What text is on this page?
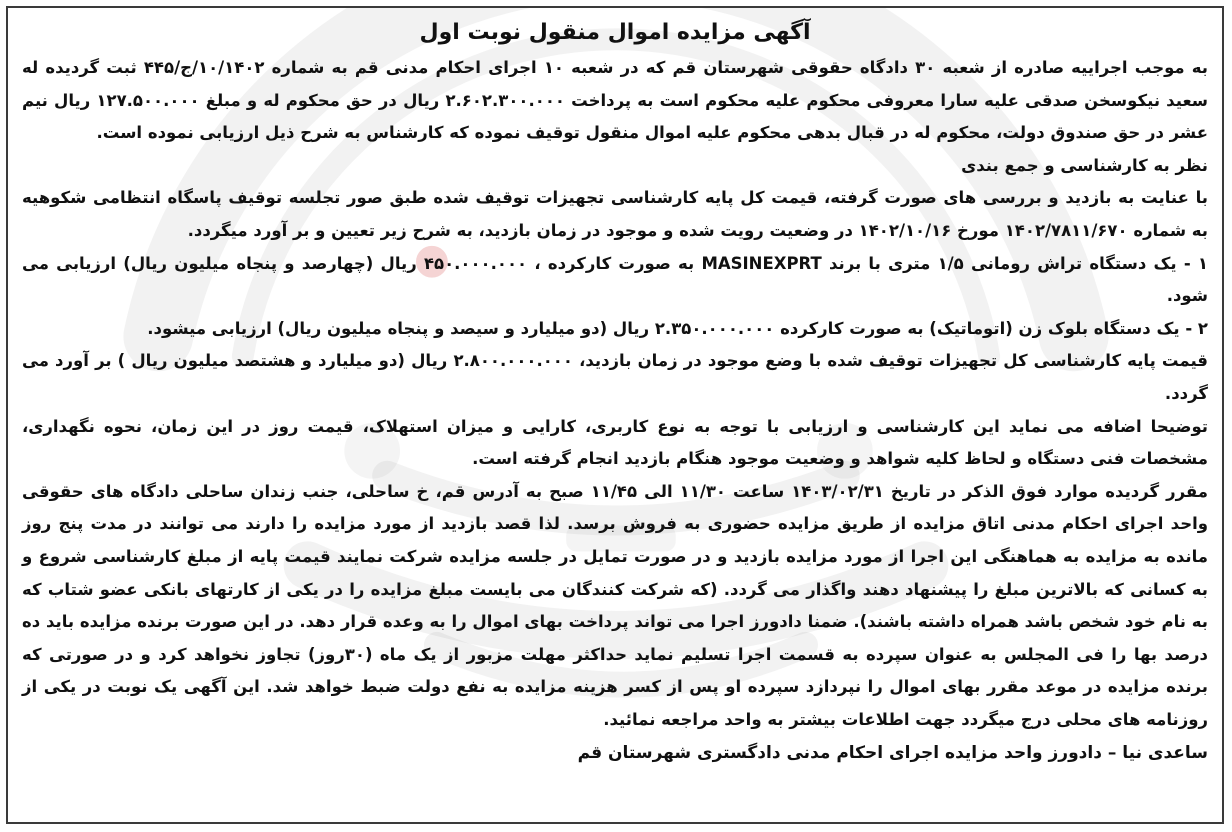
آگهی مزایده اموال منقول نوبت اول

به موجب اجراییه صادره از شعبه ۳۰ دادگاه حقوقی شهرستان قم که در شعبه ۱۰ اجرای احکام مدنی قم به شماره ۱۰/۱۴۰۲/ج/۴۴۵ ثبت گردیده له سعید نیکوسخن صدقی علیه سارا معروفی محکوم علیه محکوم است به پرداخت ۲.۶۰۲.۳۰۰.۰۰۰ ریال در حق محکوم له و مبلغ ۱۲۷.۵۰۰.۰۰۰ ریال نیم عشر در حق صندوق دولت، محکوم له در قبال بدهی محکوم علیه اموال منقول توقیف نموده که کارشناس به شرح ذیل ارزیابی نموده است.

نظر به کارشناسی و جمع بندی

با عنایت به بازدید و بررسی های صورت گرفته، قیمت کل پایه کارشناسی تجهیزات توقیف شده طبق صور تجلسه توقیف پاسگاه انتظامی شکوهیه به شماره ۱۴۰۲/۷۸۱۱/۶۷۰ مورخ ۱۴۰۲/۱۰/۱۶ در وضعیت رویت شده و موجود در زمان بازدید، به شرح زیر تعیین و بر آورد میگردد.

۱ - یک دستگاه تراش رومانی ۱/۵ متری با برند MASINEXPRT به صورت کارکرده ، ۴۵۰.۰۰۰.۰۰۰ ریال (چهارصد و پنجاه میلیون ریال) ارزیابی می شود.

۲ - یک دستگاه بلوک زن (اتوماتیک) به صورت کارکرده ۲.۳۵۰.۰۰۰.۰۰۰ ریال (دو میلیارد و سیصد و پنجاه میلیون ریال) ارزیابی میشود.

قیمت پایه کارشناسی کل تجهیزات توقیف شده با وضع موجود در زمان بازدید، ۲.۸۰۰.۰۰۰.۰۰۰ ریال (دو میلیارد و هشتصد میلیون ریال ) بر آورد می گردد.

توضیحا اضافه می نماید این کارشناسی و ارزیابی با توجه به نوع کاربری، کارایی و میزان استهلاک، قیمت روز در این زمان، نحوه نگهداری، مشخصات فنی دستگاه و لحاظ کلیه شواهد و وضعیت موجود هنگام بازدید انجام گرفته است.

مقرر گردیده موارد فوق الذکر در تاریخ ۱۴۰۳/۰۲/۳۱ ساعت ۱۱/۳۰ الی ۱۱/۴۵ صبح به آدرس قم، خ ساحلی، جنب زندان ساحلی دادگاه های حقوقی واحد اجرای احکام مدنی اتاق مزایده از طریق مزایده حضوری به فروش برسد. لذا قصد بازدید از مورد مزایده را دارند می توانند در مدت پنج روز مانده به مزایده به هماهنگی این اجرا از مورد مزایده بازدید و در صورت تمایل در جلسه مزایده شرکت نمایند قیمت پایه از مبلغ کارشناسی شروع و به کسانی که بالاترین مبلغ را پیشنهاد دهند واگذار می گردد. (که شرکت کنندگان می بایست مبلغ مزایده را در یکی از کارتهای بانکی عضو شتاب که به نام خود شخص باشد همراه داشته باشند). ضمنا دادورز اجرا می تواند پرداخت بهای اموال را به وعده قرار دهد. در این صورت برنده مزایده باید ده درصد بها را فی المجلس به عنوان سپرده به قسمت اجرا تسلیم نماید حداکثر مهلت مزبور از یک ماه (۳۰روز) تجاوز نخواهد کرد و در صورتی که برنده مزایده در موعد مقرر بهای اموال را نپردازد سپرده او پس از کسر هزینه مزایده به نفع دولت ضبط خواهد شد. این آگهی یک نوبت در یکی از روزنامه های محلی درج میگردد جهت اطلاعات بیشتر به واحد مراجعه نمائید.

ساعدی نیا – دادورز واحد مزایده اجرای احکام مدنی دادگستری شهرستان قم
